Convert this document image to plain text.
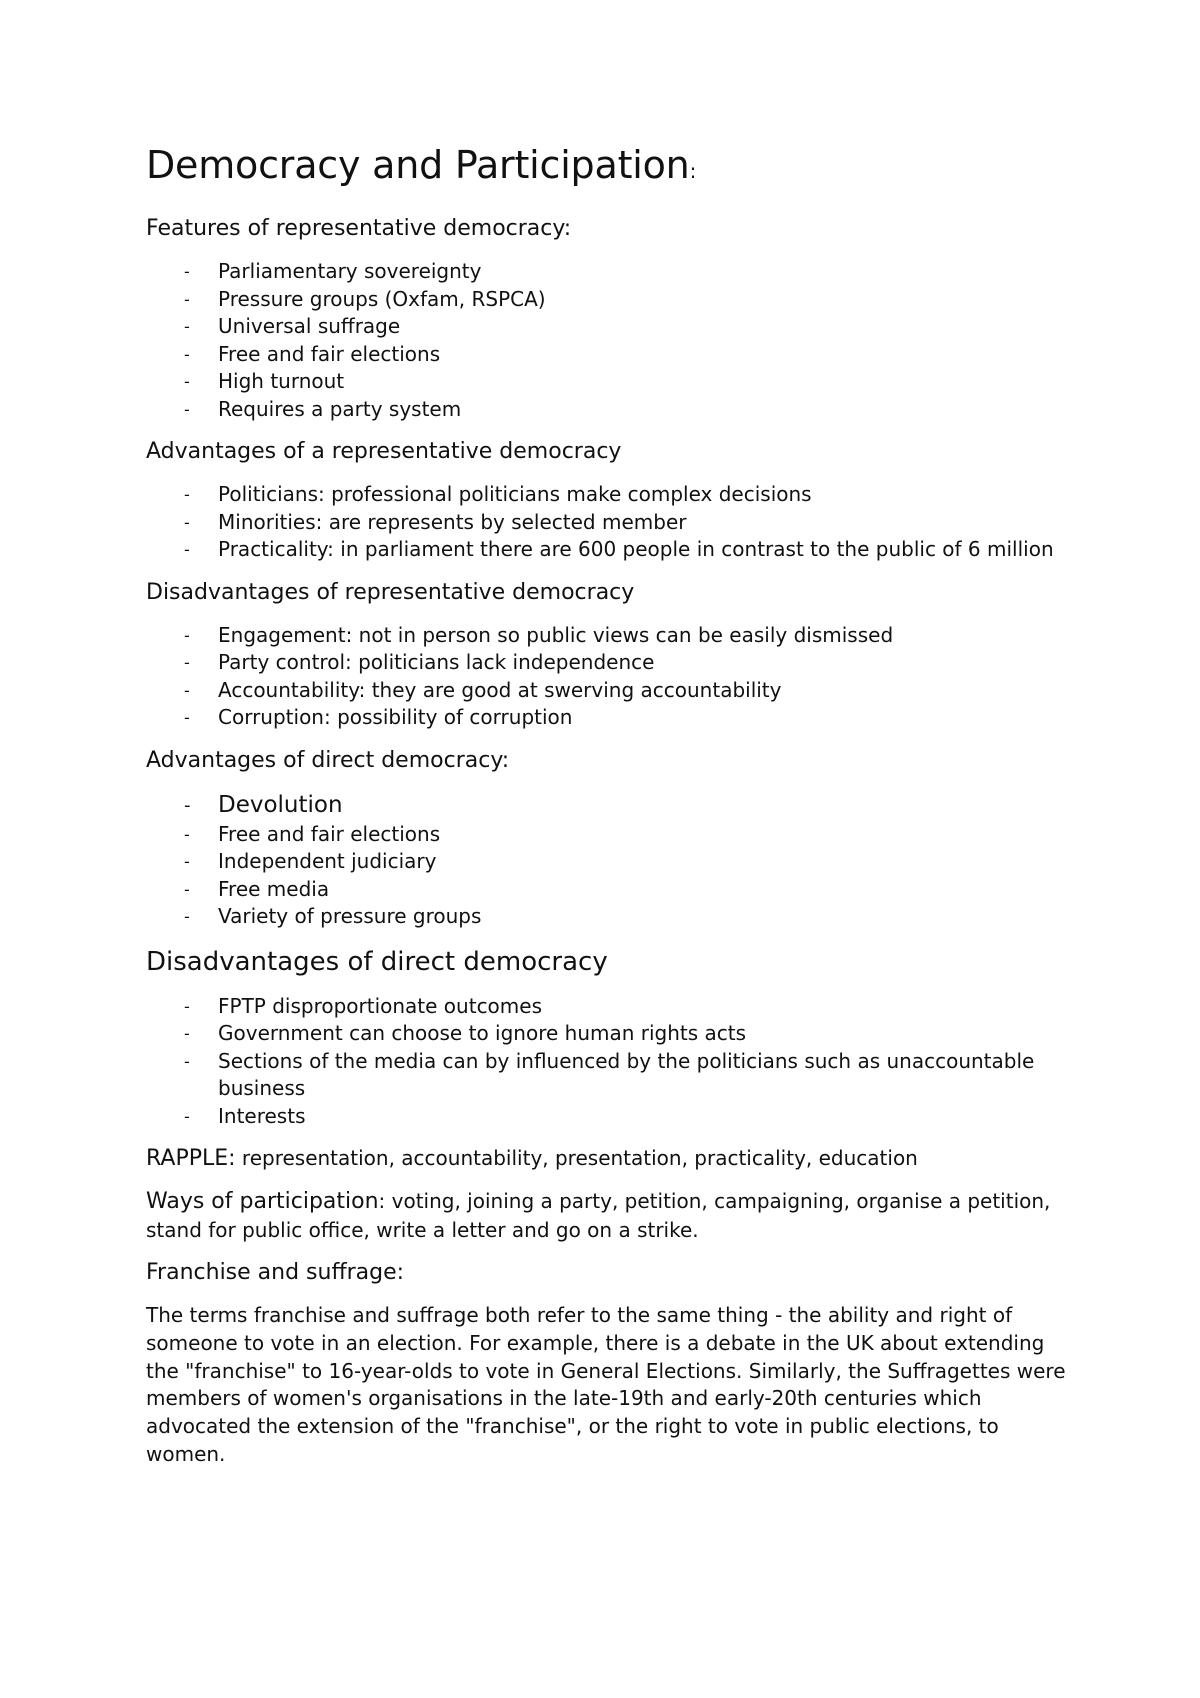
Democracy and Participation:
Features of representative democracy:
- Parliamentary sovereignty
- Pressure groups (Oxfam, RSPCA)
- Universal suffrage
- Free and fair elections
- High turnout
- Requires a party system
Advantages of a representative democracy
- Politicians: professional politicians make complex decisions
- Minorities: are represents by selected member
- Practicality: in parliament there are 600 people in contrast to the public of 6 million
Disadvantages of representative democracy
- Engagement: not in person so public views can be easily dismissed
- Party control: politicians lack independence
- Accountability: they are good at swerving accountability
- Corruption: possibility of corruption
Advantages of direct democracy:
- Devolution
- Free and fair elections
- Independent judiciary
- Free media
- Variety of pressure groups
Disadvantages of direct democracy
- FPTP disproportionate outcomes
- Government can choose to ignore human rights acts
- Sections of the media can by influenced by the politicians such as unaccountable business
- Interests

RAPPLE: representation, accountability, presentation, practicality, education

Ways of participation: voting, joining a party, petition, campaigning, organise a petition, stand for public office, write a letter and go on a strike.

Franchise and suffrage:

The terms franchise and suffrage both refer to the same thing - the ability and right of someone to vote in an election. For example, there is a debate in the UK about extending the "franchise" to 16-year-olds to vote in General Elections. Similarly, the Suffragettes were members of women's organisations in the late-19th and early-20th centuries which advocated the extension of the "franchise", or the right to vote in public elections, to women.
